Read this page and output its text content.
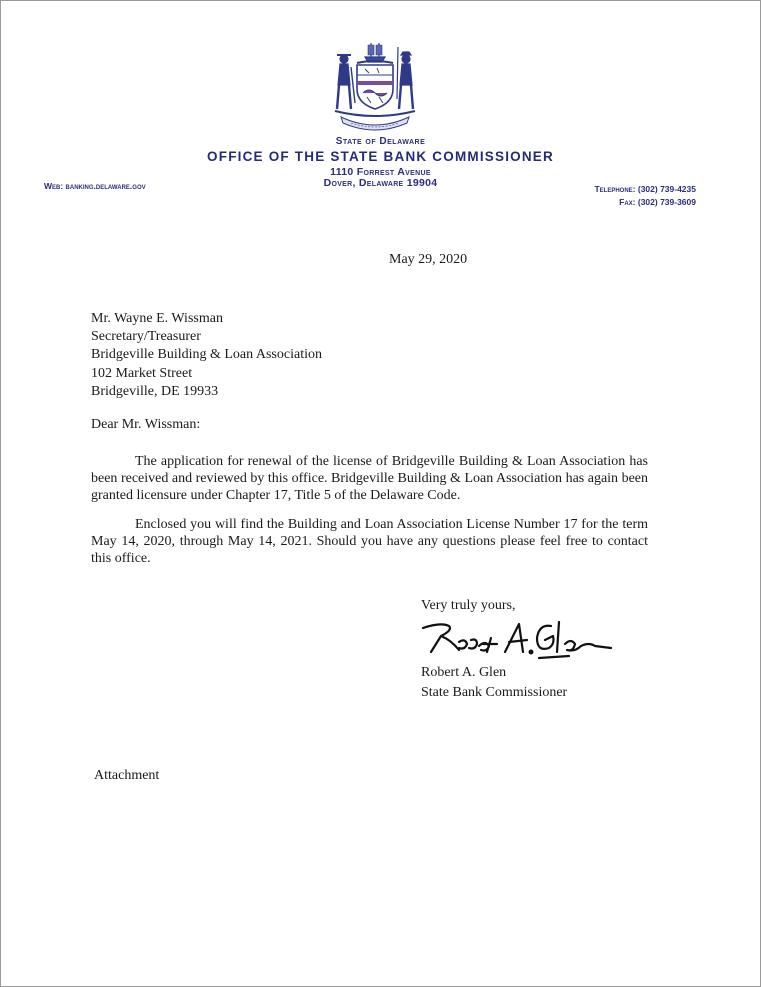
State of Delaware
OFFICE OF THE STATE BANK COMMISSIONER
1110 Forrest Avenue
Dover, Delaware 19904
Web: banking.delaware.gov	Telephone: (302) 739-4235
Fax: (302) 739-3609
May 29, 2020
Mr. Wayne E. Wissman
Secretary/Treasurer
Bridgeville Building & Loan Association
102 Market Street
Bridgeville, DE 19933
Dear Mr. Wissman:
The application for renewal of the license of Bridgeville Building & Loan Association has been received and reviewed by this office. Bridgeville Building & Loan Association has again been granted licensure under Chapter 17, Title 5 of the Delaware Code.
Enclosed you will find the Building and Loan Association License Number 17 for the term May 14, 2020, through May 14, 2021. Should you have any questions please feel free to contact this office.
Very truly yours,
Robert A. Glen
State Bank Commissioner
Attachment
